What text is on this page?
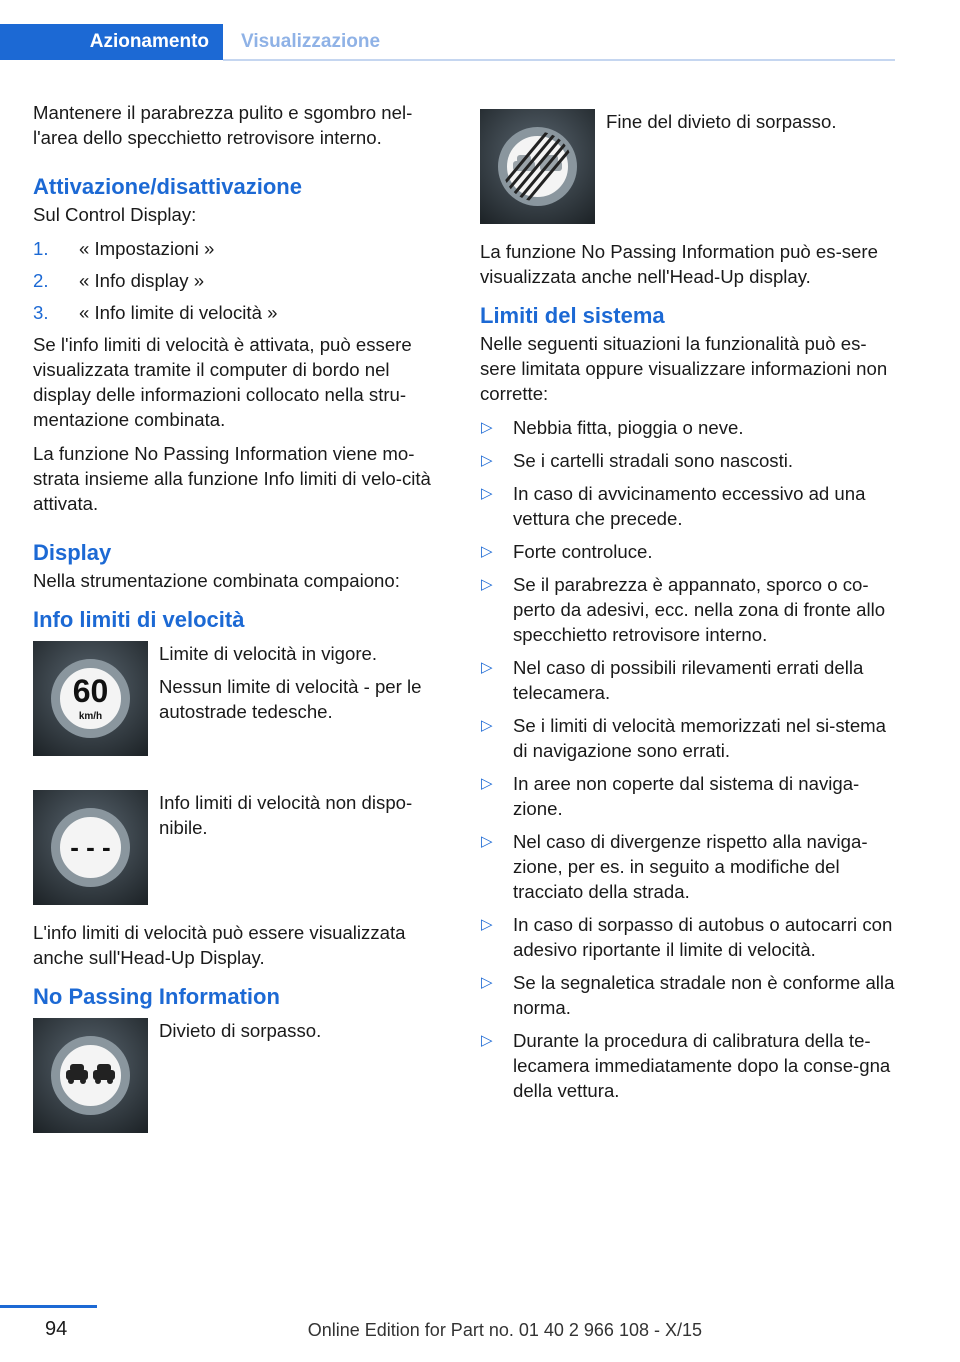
Azionamento	Visualizzazione

Mantenere il parabrezza pulito e sgombro nel-l'area dello specchietto retrovisore interno.

Attivazione/disattivazione

Sul Control Display:

1. « Impostazioni »
2. « Info display »
3. « Info limite di velocità »

Se l'info limiti di velocità è attivata, può essere visualizzata tramite il computer di bordo nel display delle informazioni collocato nella stru-mentazione combinata.

La funzione No Passing Information viene mo-strata insieme alla funzione Info limiti di velo-cità attivata.

Display

Nella strumentazione combinata compaiono:

Info limiti di velocità
60
km/h

Limite di velocità in vigore.

Nessun limite di velocità - per le autostrade tedesche.

- - -

Info limiti di velocità non dispo-nibile.

L'info limiti di velocità può essere visualizzata anche sull'Head-Up Display.

No Passing Information

Divieto di sorpasso.

Fine del divieto di sorpasso.

La funzione No Passing Information può es-sere visualizzata anche nell'Head-Up display.

Limiti del sistema

Nelle seguenti situazioni la funzionalità può es-sere limitata oppure visualizzare informazioni non corrette:

▷ Nebbia fitta, pioggia o neve.
▷ Se i cartelli stradali sono nascosti.
▷ In caso di avvicinamento eccessivo ad una vettura che precede.
▷ Forte controluce.
▷ Se il parabrezza è appannato, sporco o co-perto da adesivi, ecc. nella zona di fronte allo specchietto retrovisore interno.
▷ Nel caso di possibili rilevamenti errati della telecamera.
▷ Se i limiti di velocità memorizzati nel si-stema di navigazione sono errati.
▷ In aree non coperte dal sistema di naviga-zione.
▷ Nel caso di divergenze rispetto alla naviga-zione, per es. in seguito a modifiche del tracciato della strada.
▷ In caso di sorpasso di autobus o autocarri con adesivo riportante il limite di velocità.
▷ Se la segnaletica stradale non è conforme alla norma.
▷ Durante la procedura di calibratura della te-lecamera immediatamente dopo la conse-gna della vettura.
94	Online Edition for Part no. 01 40 2 966 108 - X/15
